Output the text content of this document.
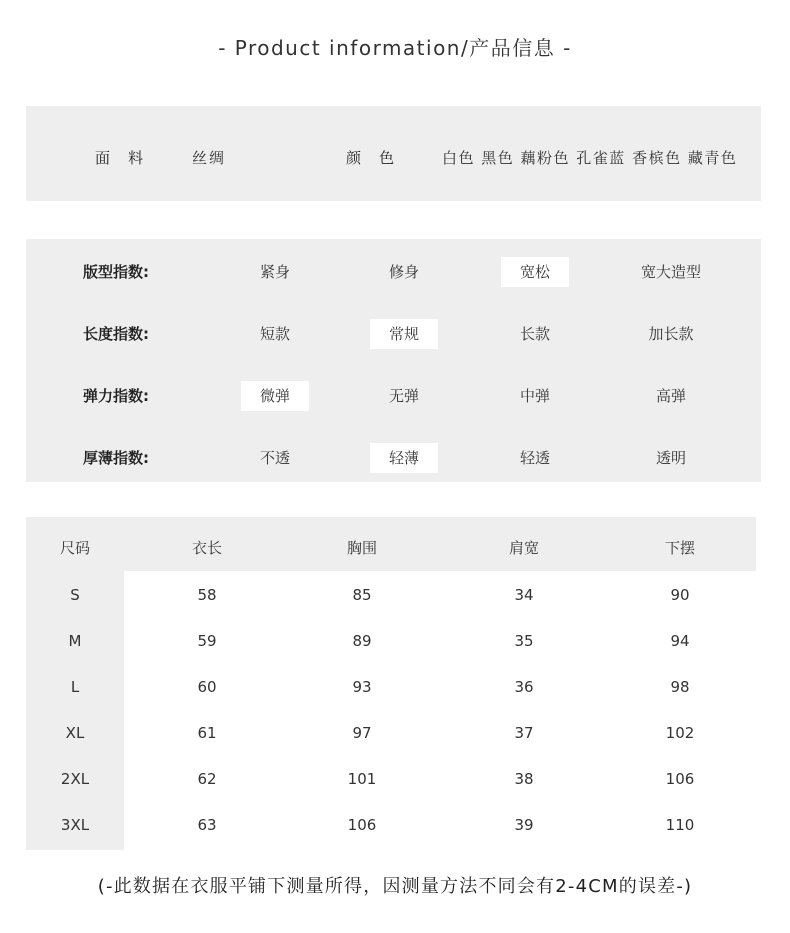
- Product information/产品信息 -
面料 丝绸	颜色 白色 黑色 藕粉色 孔雀蓝 香槟色 藏青色
版型指数:	紧身	修身	宽松	宽大造型
长度指数:	短款	常规	长款	加长款
弹力指数:	微弹	无弹	中弹	高弹
厚薄指数:	不透	轻薄	轻透	透明
尺码	衣长	胸围	肩宽	下摆
S	58	85	34	90
M	59	89	35	94
L	60	93	36	98
XL	61	97	37	102
2XL	62	101	38	106
3XL	63	106	39	110
(-此数据在衣服平铺下测量所得，因测量方法不同会有2-4CM的误差-)
